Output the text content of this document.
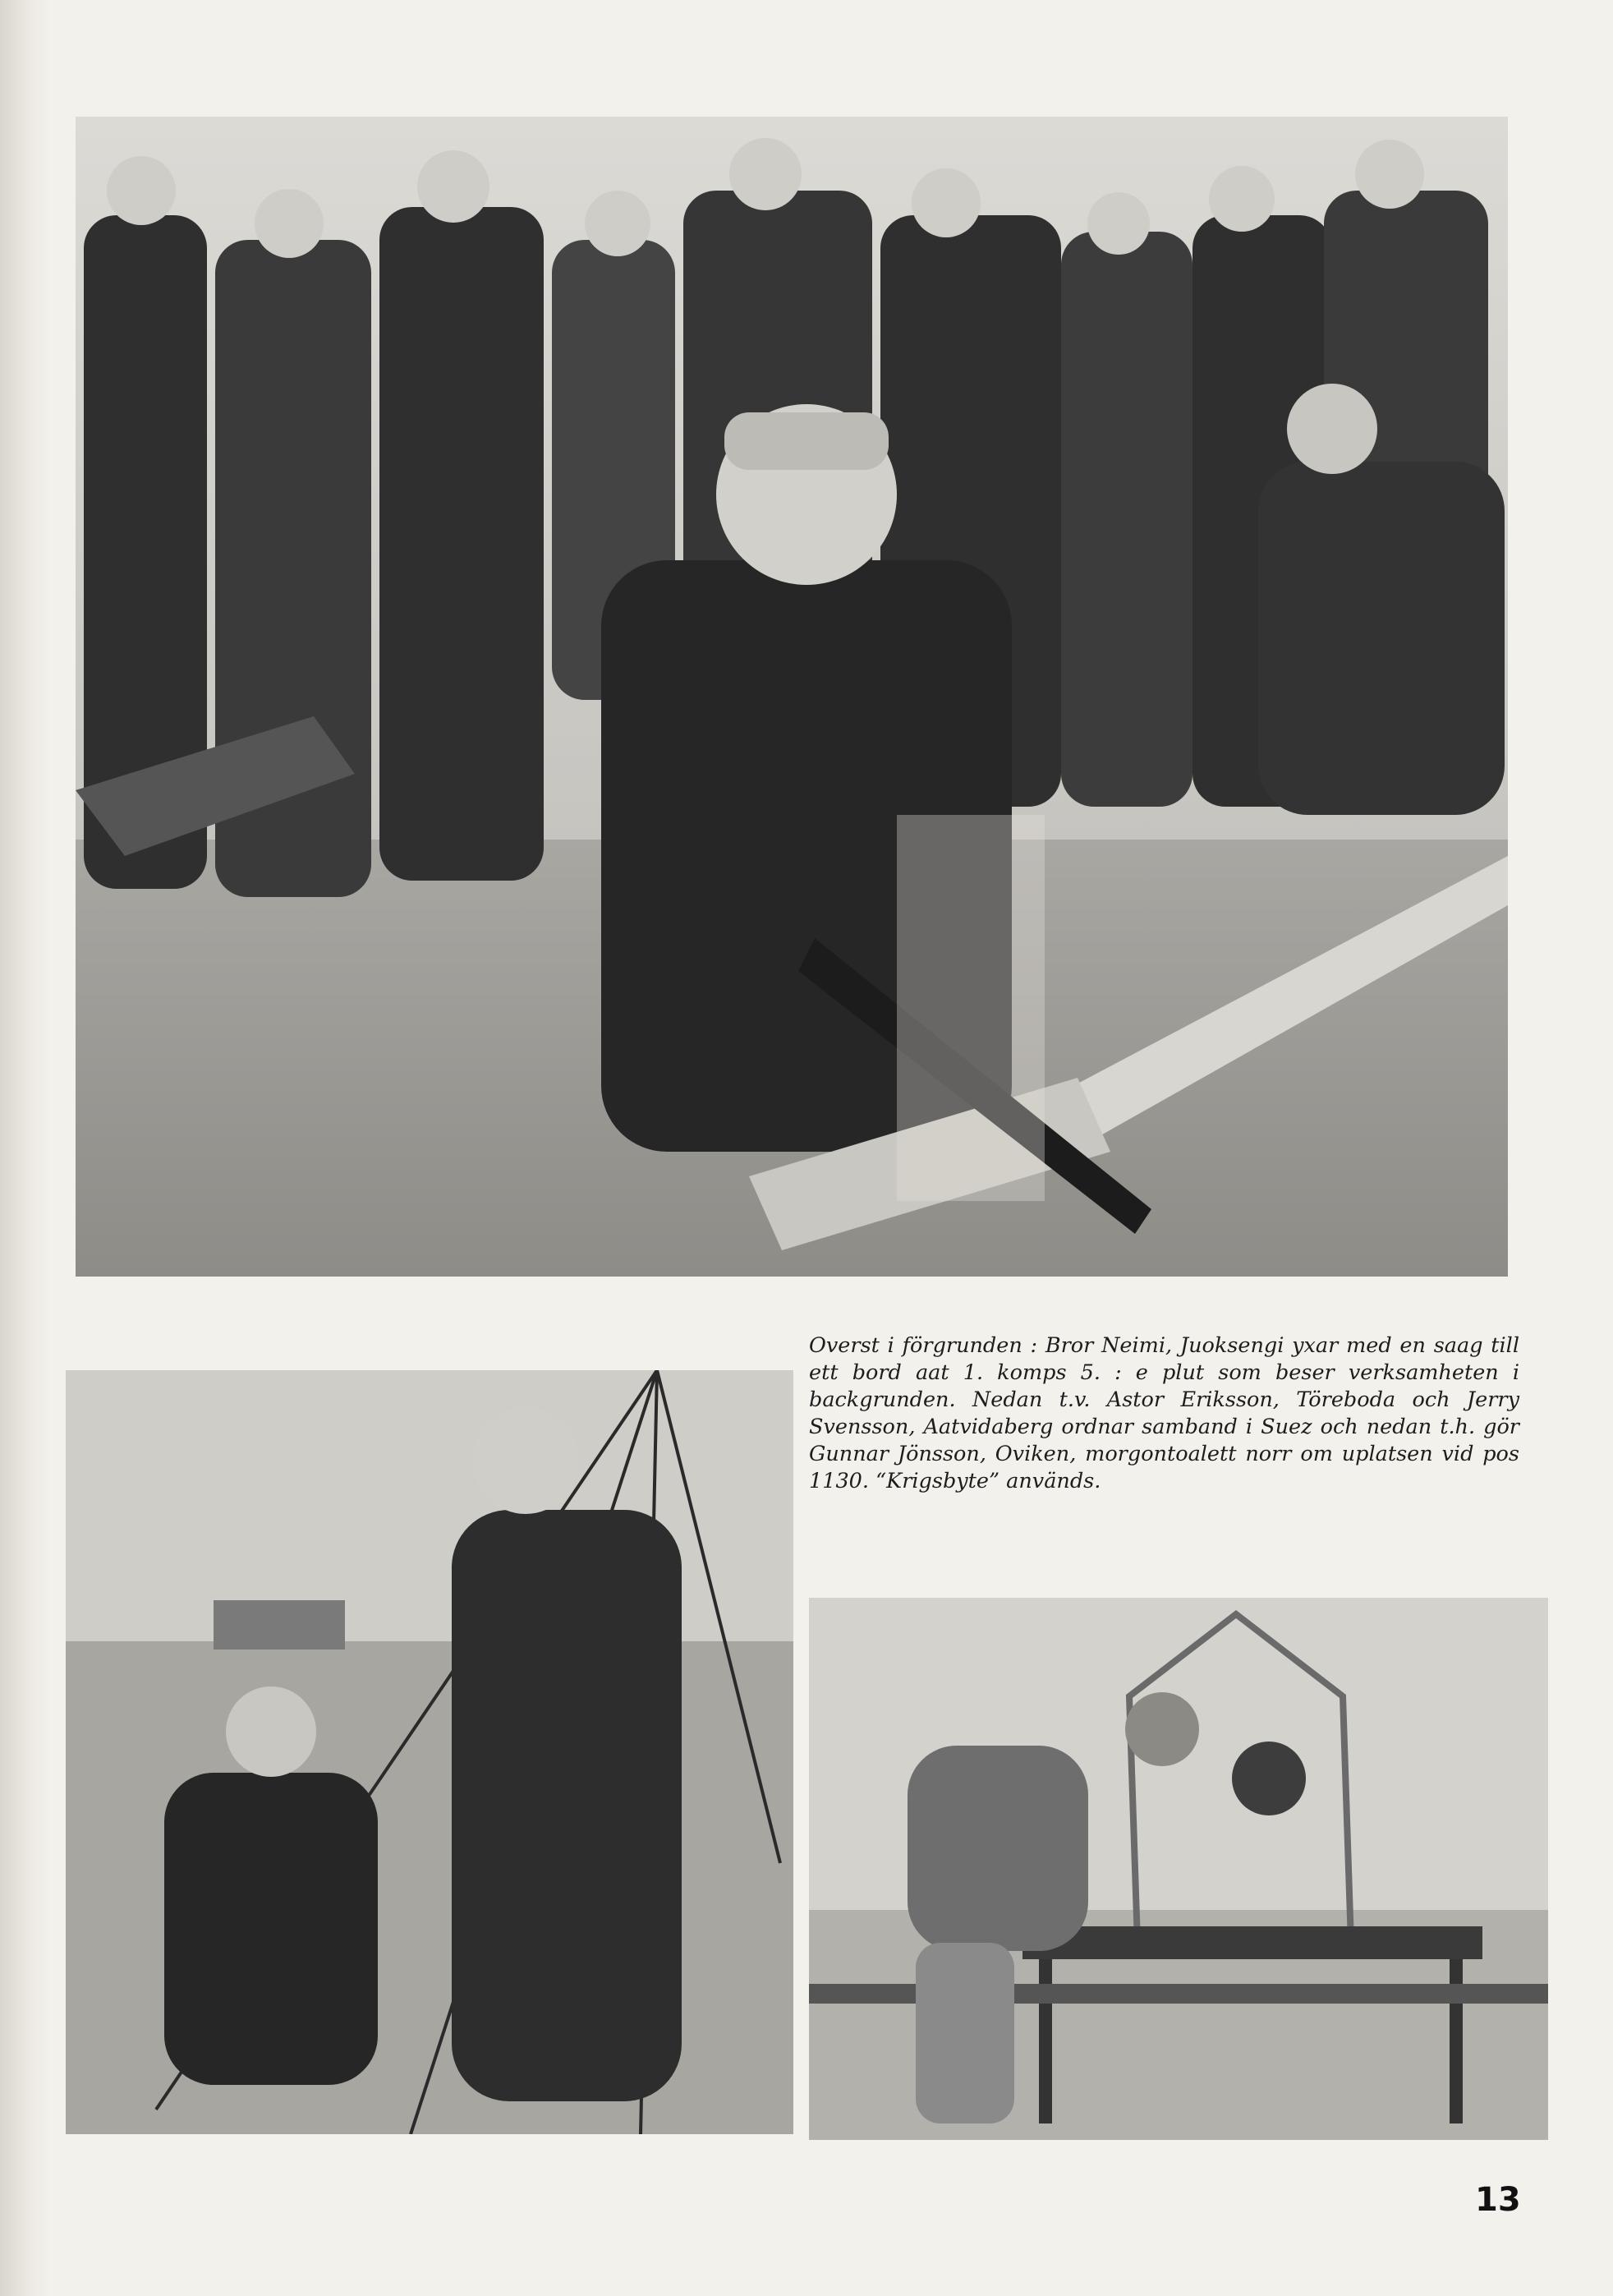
Overst i förgrunden : Bror Neimi, Juoksengi yxar med en saag till ett bord aat 1. komps 5. : e plut som beser verksamheten i backgrunden. Nedan t.v. Astor Eriksson, Töreboda och Jerry Svensson, Aatvidaberg ordnar samband i Suez och nedan t.h. gör Gunnar Jönsson, Oviken, morgontoalett norr om uplatsen vid pos 1130. “Krigsbyte” används.

13
